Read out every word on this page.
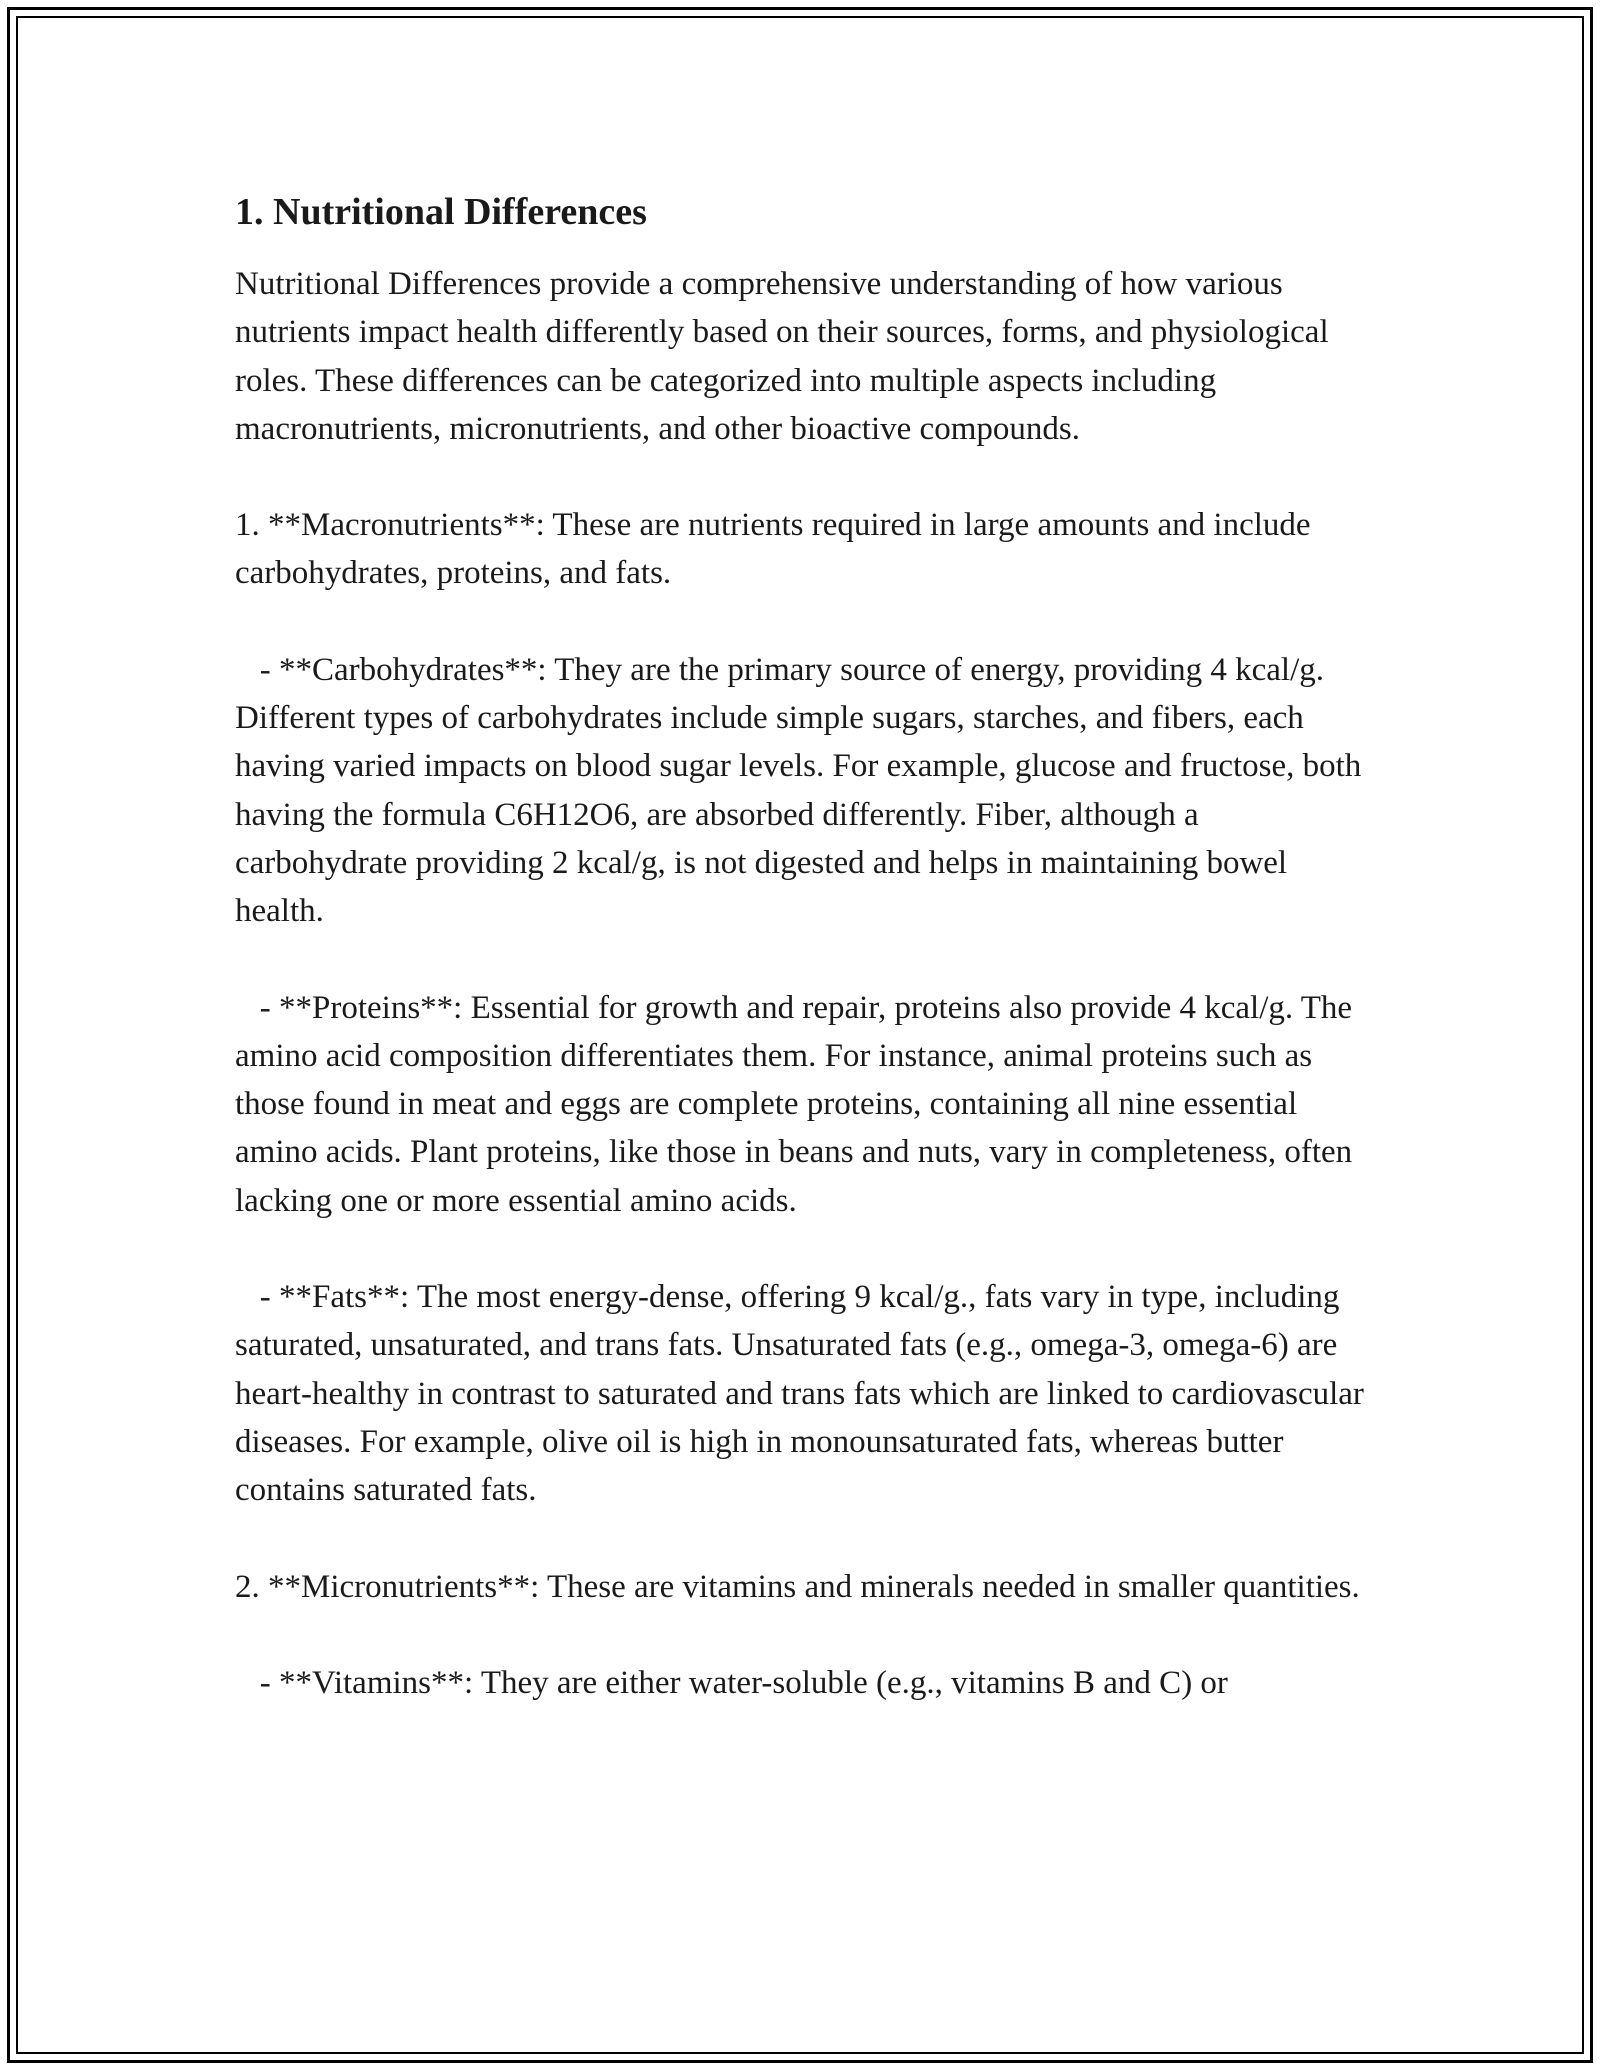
1. Nutritional Differences

Nutritional Differences provide a comprehensive understanding of how various nutrients impact health differently based on their sources, forms, and physiological roles. These differences can be categorized into multiple aspects including macronutrients, micronutrients, and other bioactive compounds.

1. **Macronutrients**: These are nutrients required in large amounts and include carbohydrates, proteins, and fats.

- **Carbohydrates**: They are the primary source of energy, providing 4 kcal/g. Different types of carbohydrates include simple sugars, starches, and fibers, each having varied impacts on blood sugar levels. For example, glucose and fructose, both having the formula C6H12O6, are absorbed differently. Fiber, although a carbohydrate providing 2 kcal/g, is not digested and helps in maintaining bowel health.

- **Proteins**: Essential for growth and repair, proteins also provide 4 kcal/g. The amino acid composition differentiates them. For instance, animal proteins such as those found in meat and eggs are complete proteins, containing all nine essential amino acids. Plant proteins, like those in beans and nuts, vary in completeness, often lacking one or more essential amino acids.

- **Fats**: The most energy-dense, offering 9 kcal/g., fats vary in type, including saturated, unsaturated, and trans fats. Unsaturated fats (e.g., omega-3, omega-6) are heart-healthy in contrast to saturated and trans fats which are linked to cardiovascular diseases. For example, olive oil is high in monounsaturated fats, whereas butter contains saturated fats.

2. **Micronutrients**: These are vitamins and minerals needed in smaller quantities.

- **Vitamins**: They are either water-soluble (e.g., vitamins B and C) or
